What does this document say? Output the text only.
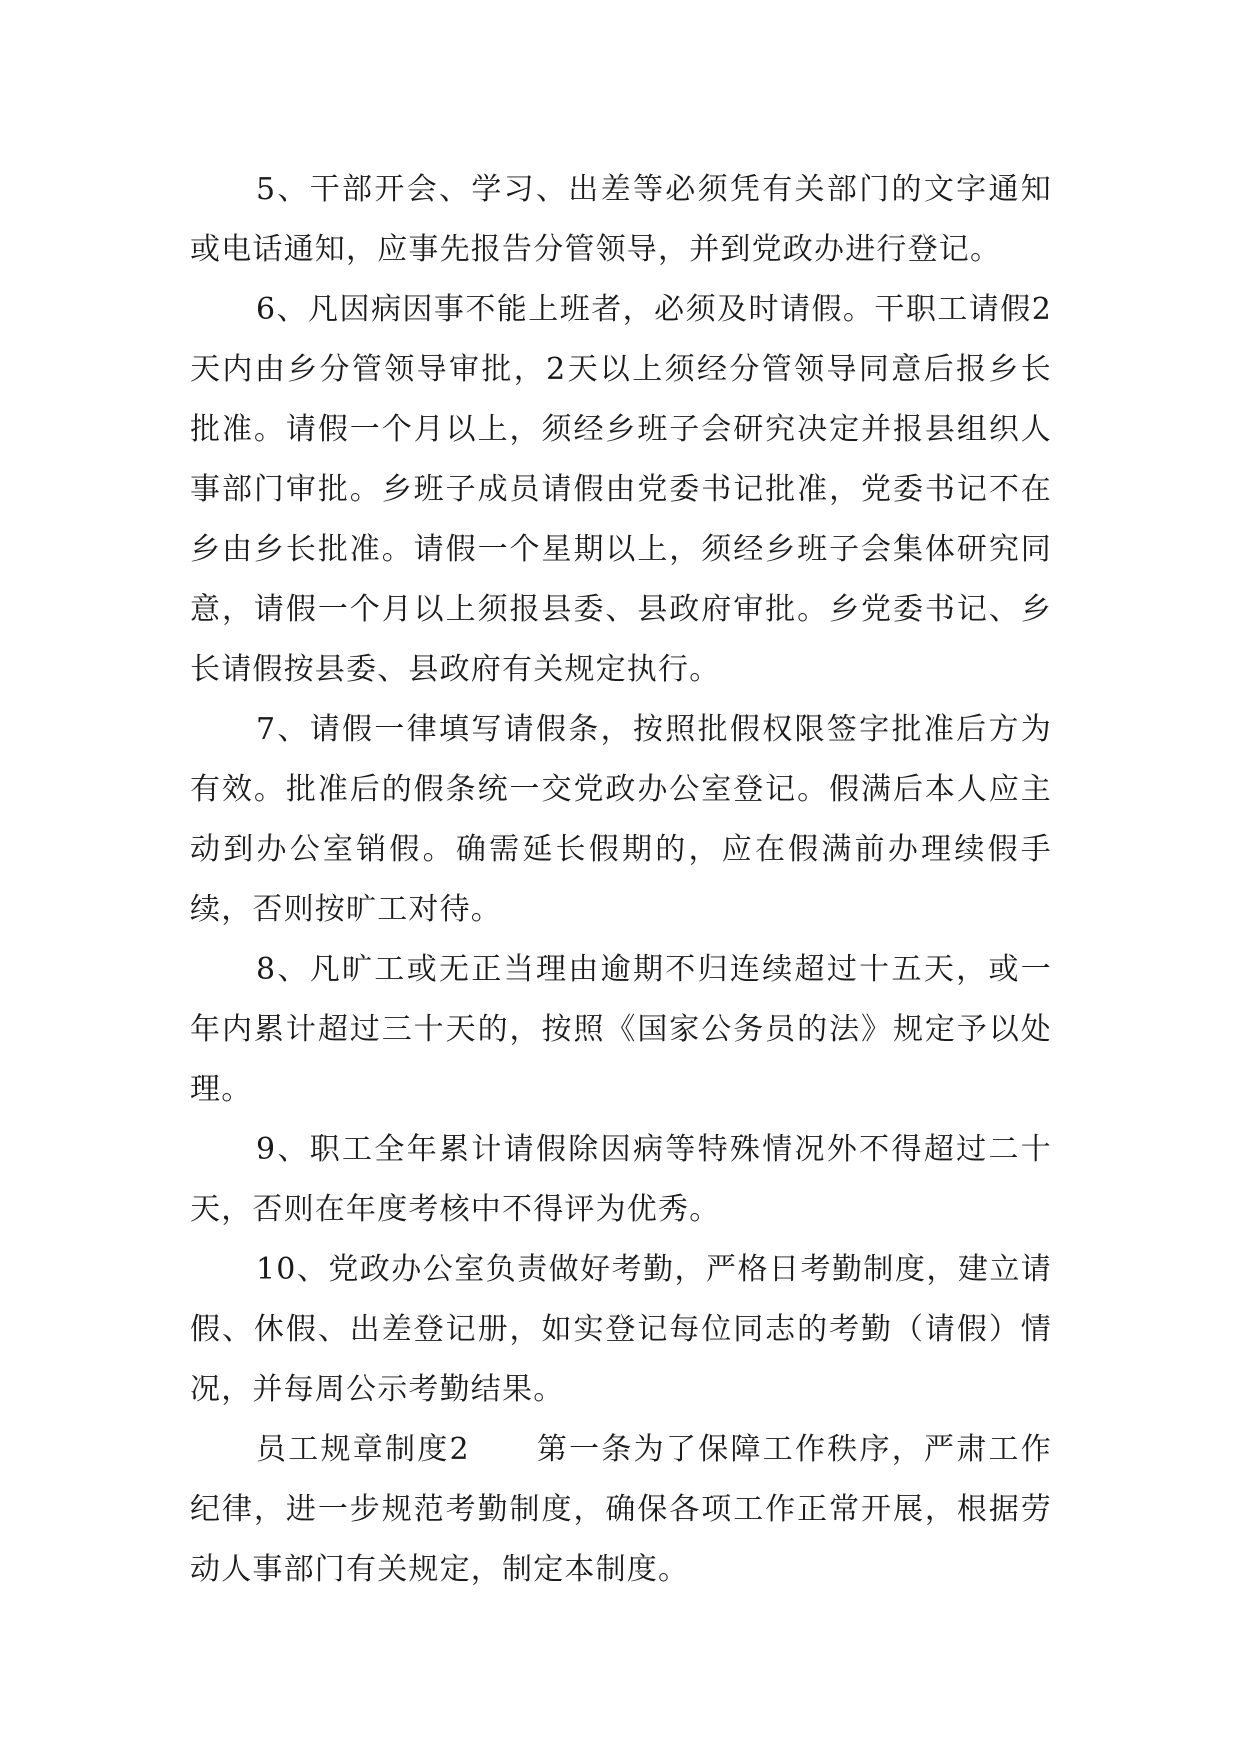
5、干部开会、学习、出差等必须凭有关部门的文字通知或电话通知，应事先报告分管领导，并到党政办进行登记。

6、凡因病因事不能上班者，必须及时请假。干职工请假2天内由乡分管领导审批，2天以上须经分管领导同意后报乡长批准。请假一个月以上，须经乡班子会研究决定并报县组织人事部门审批。乡班子成员请假由党委书记批准，党委书记不在乡由乡长批准。请假一个星期以上，须经乡班子会集体研究同意，请假一个月以上须报县委、县政府审批。乡党委书记、乡长请假按县委、县政府有关规定执行。

7、请假一律填写请假条，按照批假权限签字批准后方为有效。批准后的假条统一交党政办公室登记。假满后本人应主动到办公室销假。确需延长假期的，应在假满前办理续假手续，否则按旷工对待。

8、凡旷工或无正当理由逾期不归连续超过十五天，或一年内累计超过三十天的，按照《国家公务员的法》规定予以处理。

9、职工全年累计请假除因病等特殊情况外不得超过二十天，否则在年度考核中不得评为优秀。

10、党政办公室负责做好考勤，严格日考勤制度，建立请假、休假、出差登记册，如实登记每位同志的考勤（请假）情况，并每周公示考勤结果。

员工规章制度2 第一条为了保障工作秩序，严肃工作纪律，进一步规范考勤制度，确保各项工作正常开展，根据劳动人事部门有关规定，制定本制度。
